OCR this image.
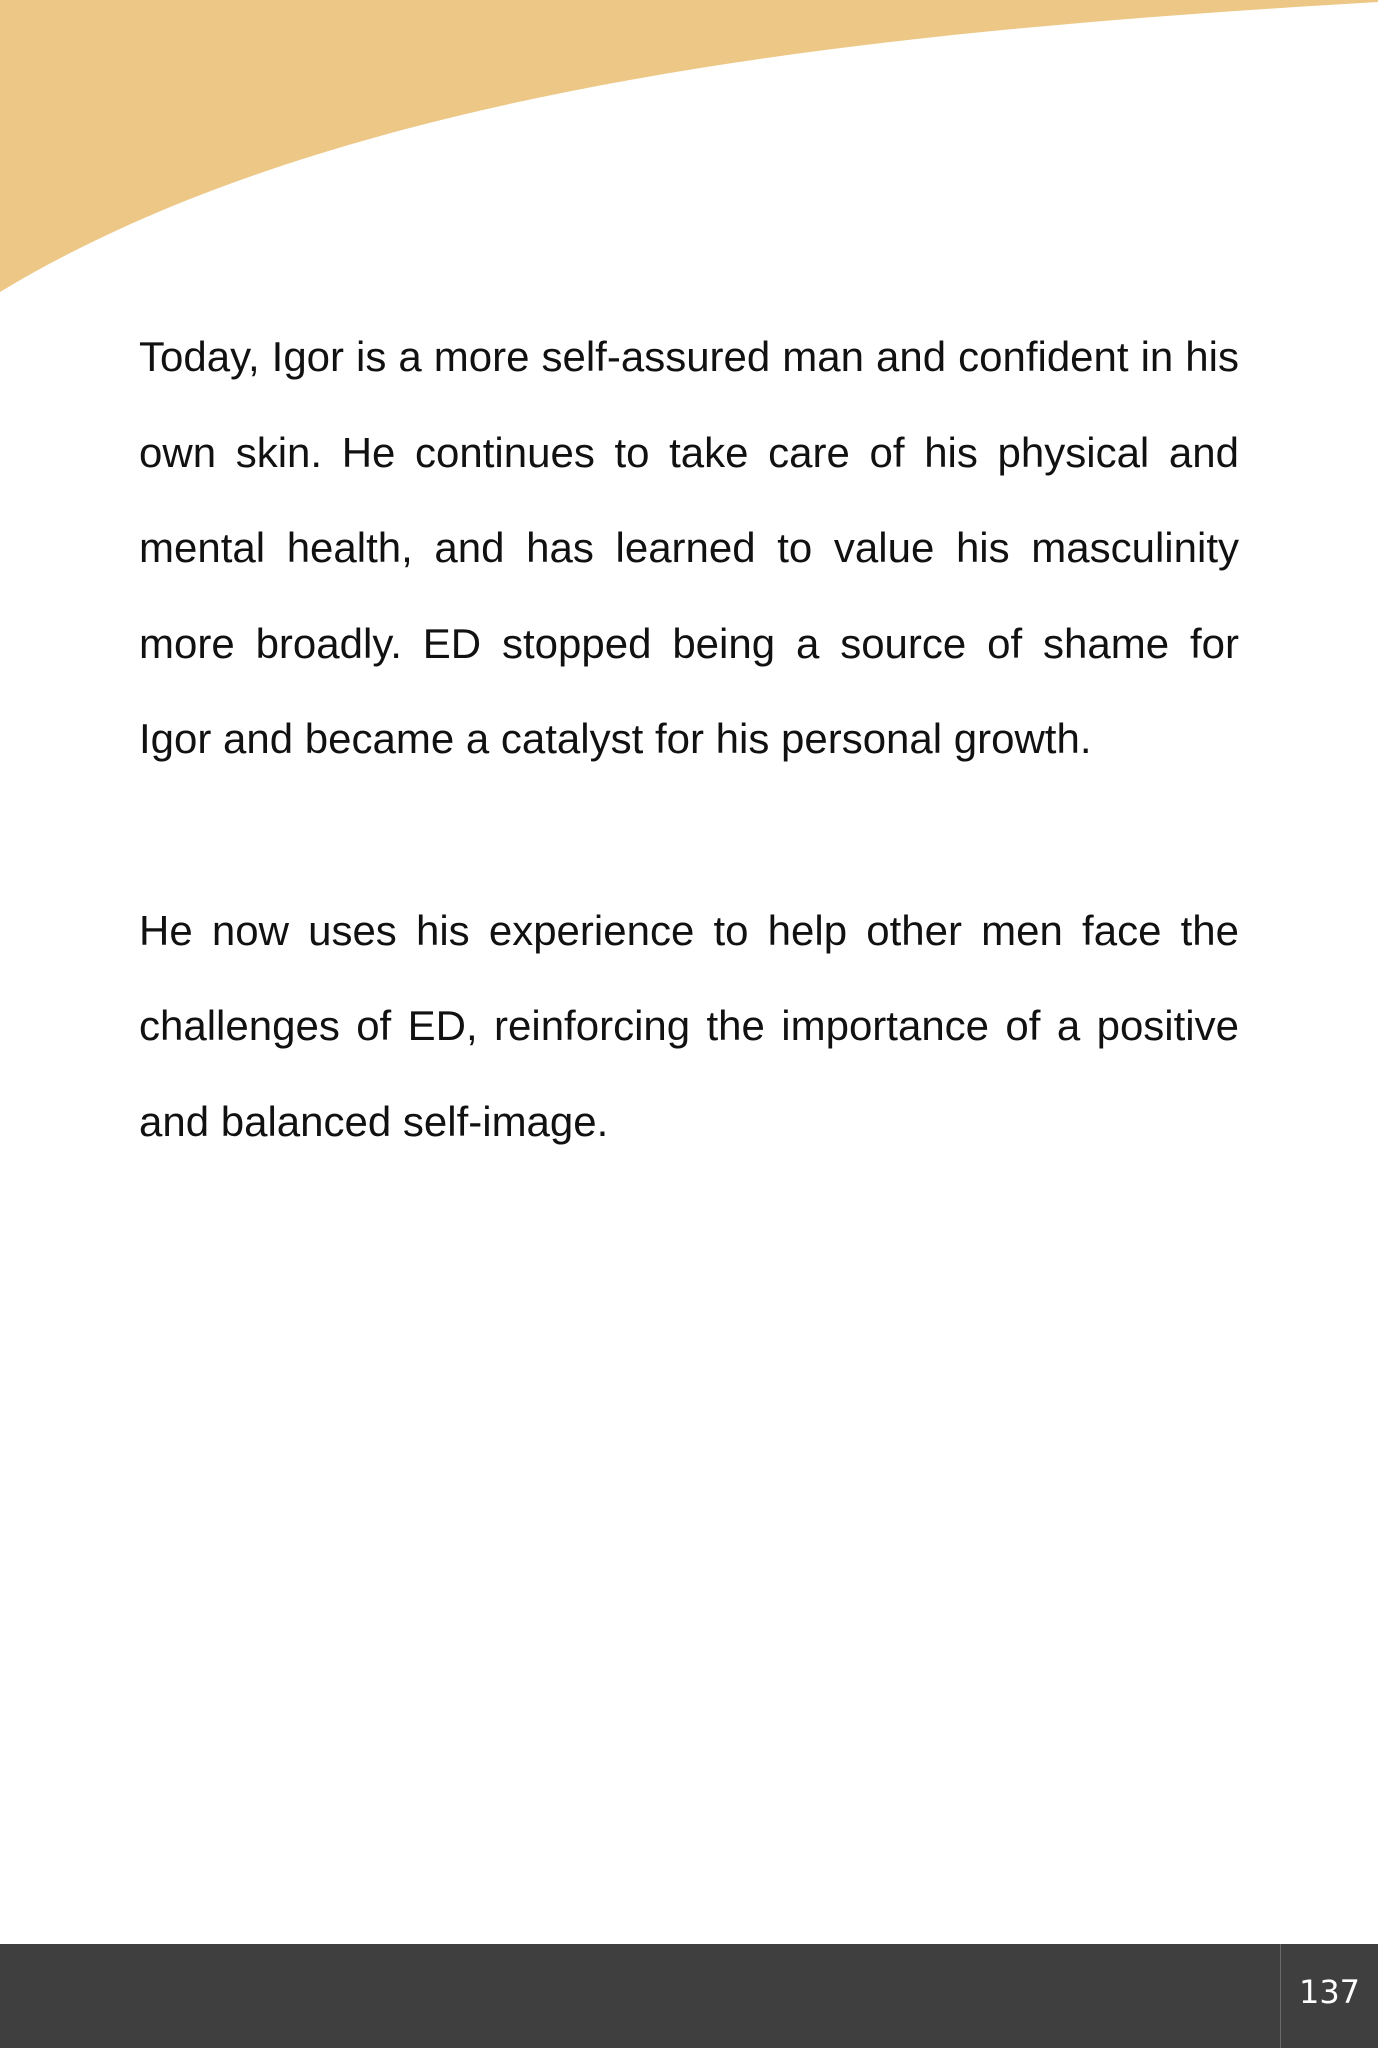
Today, Igor is a more self-assured man and confident in his own skin. He continues to take care of his physical and mental health, and has learned to value his masculinity more broadly. ED stopped being a source of shame for Igor and became a catalyst for his personal growth.

He now uses his experience to help other men face the challenges of ED, reinforcing the importance of a positive and balanced self-image.

137
